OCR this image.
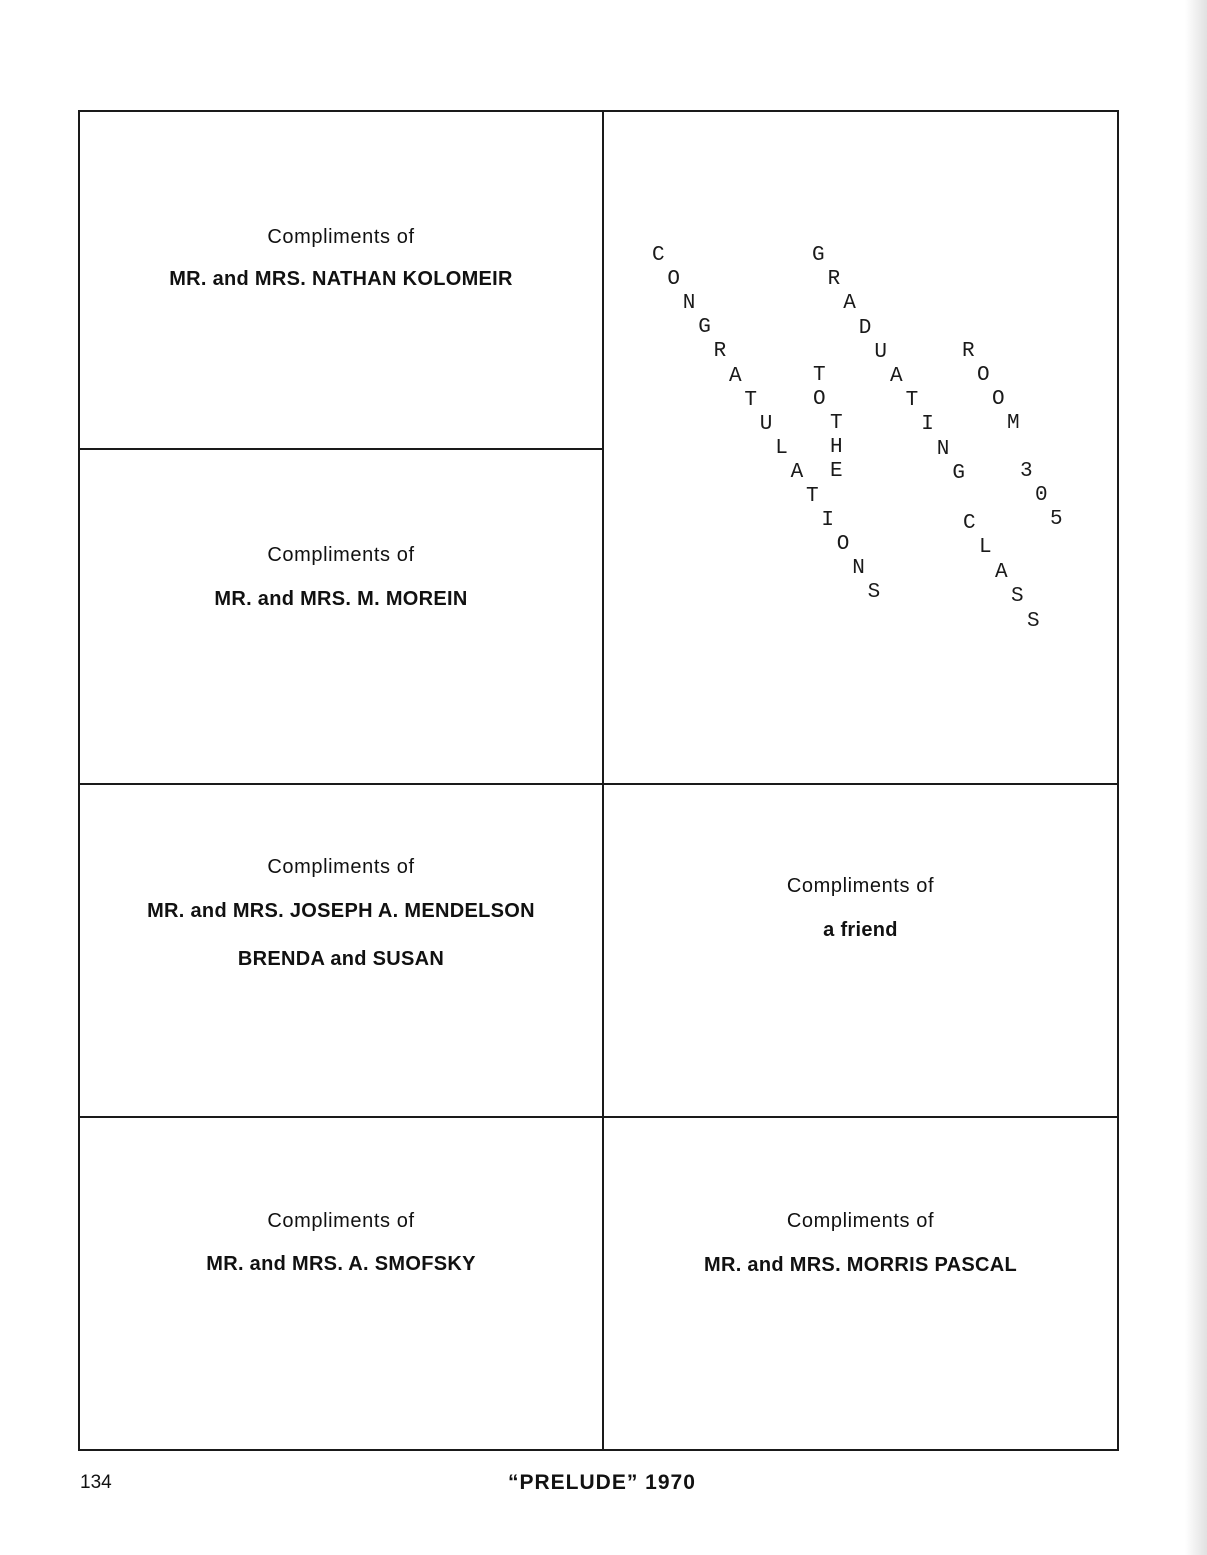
Compliments of

MR. and MRS. NATHAN KOLOMEIR

Compliments of

MR. and MRS. M. MOREIN

Compliments of

MR. and MRS. JOSEPH A. MENDELSON

BRENDA and SUSAN

Compliments of

a friend

Compliments of

MR. and MRS. A. SMOFSKY

Compliments of

MR. and MRS. MORRIS PASCAL

C
O
N
G
R
A
T
U
L
A
T
I
O
N
S
T
O
T
H
E
G
R
A
D
U
A
T
I
N
G
C
L
A
S
S
R
O
O
M
3
0
5
134	“PRELUDE” 1970
